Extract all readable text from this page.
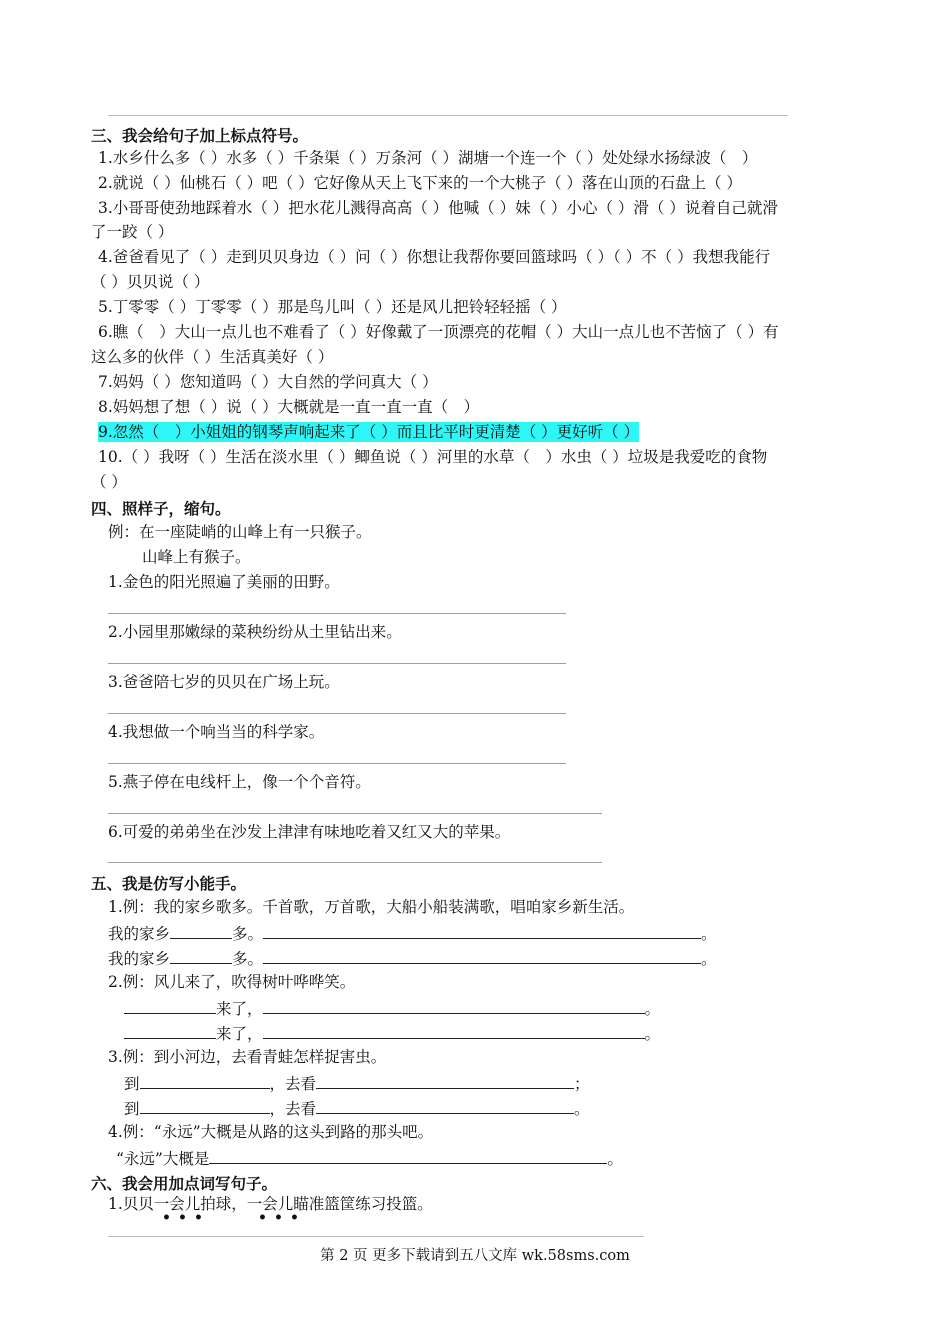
三、我会给句子加上标点符号。
1.水乡什么多（ ）水多（ ）千条渠（ ）万条河（ ）湖塘一个连一个（ ）处处绿水扬绿波（　）
2.就说（ ）仙桃石（ ）吧（ ）它好像从天上飞下来的一个大桃子（ ）落在山顶的石盘上（ ）
3.小哥哥使劲地踩着水（ ）把水花儿溅得高高（ ）他喊（ ）妹（ ）小心（ ）滑（ ）说着自己就滑
了一跤（ ）
4.爸爸看见了（ ）走到贝贝身边（ ）问（ ）你想让我帮你要回篮球吗（ ）（ ）不（ ）我想我能行
（ ）贝贝说（ ）
5.丁零零（ ）丁零零（ ）那是鸟儿叫（ ）还是风儿把铃轻轻摇（ ）
6.瞧（　）大山一点儿也不难看了（ ）好像戴了一顶漂亮的花帽（ ）大山一点儿也不苦恼了（ ）有
这么多的伙伴（ ）生活真美好（ ）
7.妈妈（ ）您知道吗（ ）大自然的学问真大（ ）
8.妈妈想了想（ ）说（ ）大概就是一直一直一直（　）
9.忽然（　）小姐姐的钢琴声响起来了（ ）而且比平时更清楚（ ）更好听（ ）
10.（ ）我呀（ ）生活在淡水里（ ）鲫鱼说（ ）河里的水草（　）水虫（ ）垃圾是我爱吃的食物
（ ）
四、照样子，缩句。
例：在一座陡峭的山峰上有一只猴子。
山峰上有猴子。
1.金色的阳光照遍了美丽的田野。
2.小园里那嫩绿的菜秧纷纷从土里钻出来。
3.爸爸陪七岁的贝贝在广场上玩。
4.我想做一个响当当的科学家。
5.燕子停在电线杆上，像一个个音符。
6.可爱的弟弟坐在沙发上津津有味地吃着又红又大的苹果。
五、我是仿写小能手。
1.例：我的家乡歌多。千首歌，万首歌，大船小船装满歌，唱咱家乡新生活。
我的家乡	多。	。
我的家乡	多。	。
2.例：风儿来了，吹得树叶哗哗笑。
来了，	。
来了，	。
3.例：到小河边，去看青蛙怎样捉害虫。
到	，去看	；
到	，去看	。
4.例：“永远”大概是从路的这头到路的那头吧。
“永远”大概是	。
六、我会用加点词写句子。
1.贝贝一会儿拍球，一会儿瞄准篮筐练习投篮。
• • •	• • •
第 2 页 更多下载请到五八文库 wk.58sms.com
